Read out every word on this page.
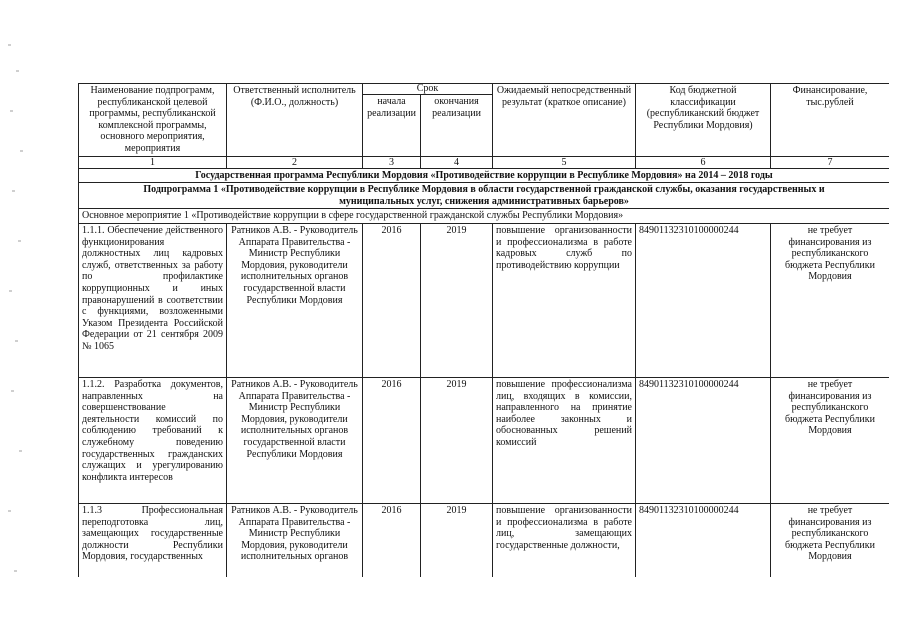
Наименование подпрограмм, республиканской целевой программы, республиканской комплексной программы, основного мероприятия, мероприятия	Ответственный исполнитель (Ф.И.О., должность)	Срок		Ожидаемый непосредственный результат (краткое описание)	Код бюджетной классификации (республиканский бюджет Республики Мордовия)	Финансирование, тыс.рублей
		начала реализации	окончания реализации			
1	2	3	4	5	6	7
Государственная программа Республики Мордовия «Противодействие коррупции в Республике Мордовия» на 2014 – 2018 годы						
Подпрограмма 1 «Противодействие коррупции в Республике Мордовия в области государственной гражданской службы, оказания государственных и муниципальных услуг, снижения административных барьеров»						
Основное мероприятие 1 «Противодействие коррупции в сфере государственной гражданской службы Республики Мордовия»						
1.1.1. Обеспечение действенного функционирования должностных лиц кадровых служб, ответственных за работу по профилактике коррупционных и иных правонарушений в соответствии с функциями, возложенными Указом Президента Российской Федерации от 21 сентября 2009 № 1065	Ратников А.В. - Руководитель Аппарата Правительства - Министр Республики Мордовия, руководители исполнительных органов государственной власти Республики Мордовия	2016	2019	повышение организованности и профессионализма в работе кадровых служб по противодействию коррупции	84901132310100000244	не требует финансирования из республиканского бюджета Республики Мордовия
1.1.2. Разработка документов, направленных на совершенствование деятельности комиссий по соблюдению требований к служебному поведению государственных гражданских служащих и урегулированию конфликта интересов	Ратников А.В. - Руководитель Аппарата Правительства - Министр Республики Мордовия, руководители исполнительных органов государственной власти Республики Мордовия	2016	2019	повышение профессионализма лиц, входящих в комиссии, направленного на принятие наиболее законных и обоснованных решений комиссий	84901132310100000244	не требует финансирования из республиканского бюджета Республики Мордовия
1.1.3 Профессиональная переподготовка лиц, замещающих государственные должности Республики Мордовия, государственных	Ратников А.В. - Руководитель Аппарата Правительства - Министр Республики Мордовия, руководители исполнительных органов	2016	2019	повышение организованности и профессионализма в работе лиц, замещающих государственные должности,	84901132310100000244	не требует финансирования из республиканского бюджета Республики Мордовия
